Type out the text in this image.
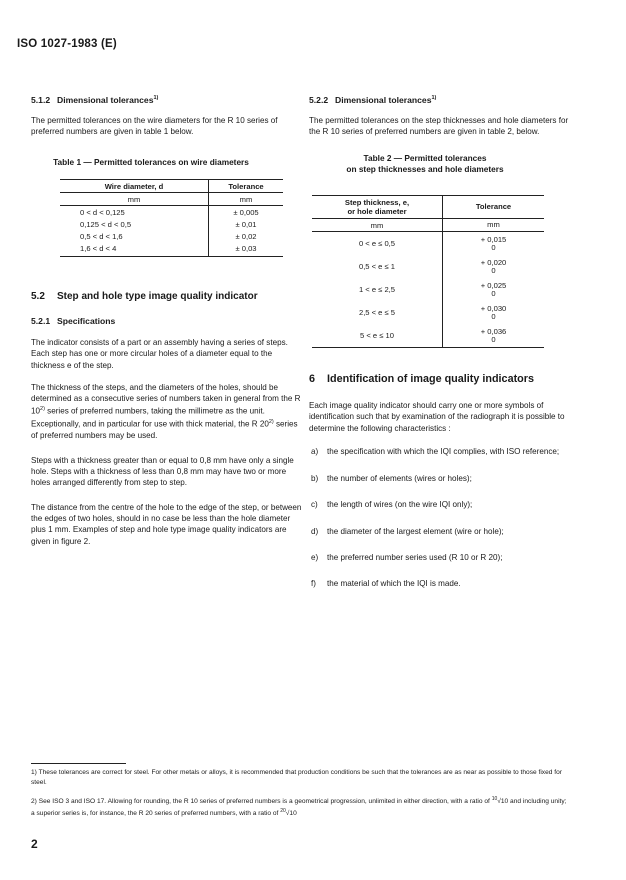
ISO 1027-1983 (E)
5.1.2 Dimensional tolerances$^{1)}$

The permitted tolerances on the wire diameters for the R 10 series of preferred numbers are given in table 1 below.

Table 1 — Permitted tolerances on wire diameters
Wire diameter, d	Tolerance
mm	mm
0 < d < 0,125	± 0,005
0,125 < d < 0,5	± 0,01
0,5 < d < 1,6	± 0,02
1,6 < d < 4	± 0,03
5.2 Step and hole type image quality indicator
5.2.1 Specifications

The indicator consists of a part or an assembly having a series of steps. Each step has one or more circular holes of a diameter equal to the thickness e of the step.

The thickness of the steps, and the diameters of the holes, should be determined as a consecutive series of numbers taken in general from the R 10$^{2)}$ series of preferred numbers, taking the millimetre as the unit. Exceptionally, and in particular for use with thick material, the R 20$^{2)}$ series of preferred numbers may be used.

Steps with a thickness greater than or equal to 0,8 mm have only a single hole. Steps with a thickness of less than 0,8 mm may have two or more holes arranged differently from step to step.

The distance from the centre of the hole to the edge of the step, or between the edges of two holes, should in no case be less than the hole diameter plus 1 mm. Examples of step and hole type image quality indicators are given in figure 2.

5.2.2 Dimensional tolerances$^{1)}$

The permitted tolerances on the step thicknesses and hole diameters for the R 10 series of preferred numbers are given in table 2, below.

Table 2 — Permitted tolerances
on step thicknesses and hole diameters
Step thickness, e,
or hole diameter	Tolerance
mm	mm
0 < e ≤ 0,5	+ 0,015
0

0,5 < e ≤ 1	+ 0,020
0

1 < e ≤ 2,5	+ 0,025
0

2,5 < e ≤ 5	+ 0,030
0

5 < e ≤ 10	+ 0,036
0
6 Identification of image quality indicators

Each image quality indicator should carry one or more symbols of identification such that by examination of the radiograph it is possible to determine the following characteristics :

a)	the specification with which the IQI complies, with ISO reference;

b)	the number of elements (wires or holes);

c)	the length of wires (on the wire IQI only);

d)	the diameter of the largest element (wire or hole);

e)	the preferred number series used (R 10 or R 20);

f)	the material of which the IQI is made.

1) These tolerances are correct for steel. For other metals or alloys, it is recommended that production conditions be such that the tolerances are as near as possible to those fixed for steel.
2) See ISO 3 and ISO 17. Allowing for rounding, the R 10 series of preferred numbers is a geometrical progression, unlimited in either direction, with a ratio of $^{10}$√10 and including unity; a superior series is, for instance, the R 20 series of preferred numbers, with a ratio of $^{20}$√10
2
